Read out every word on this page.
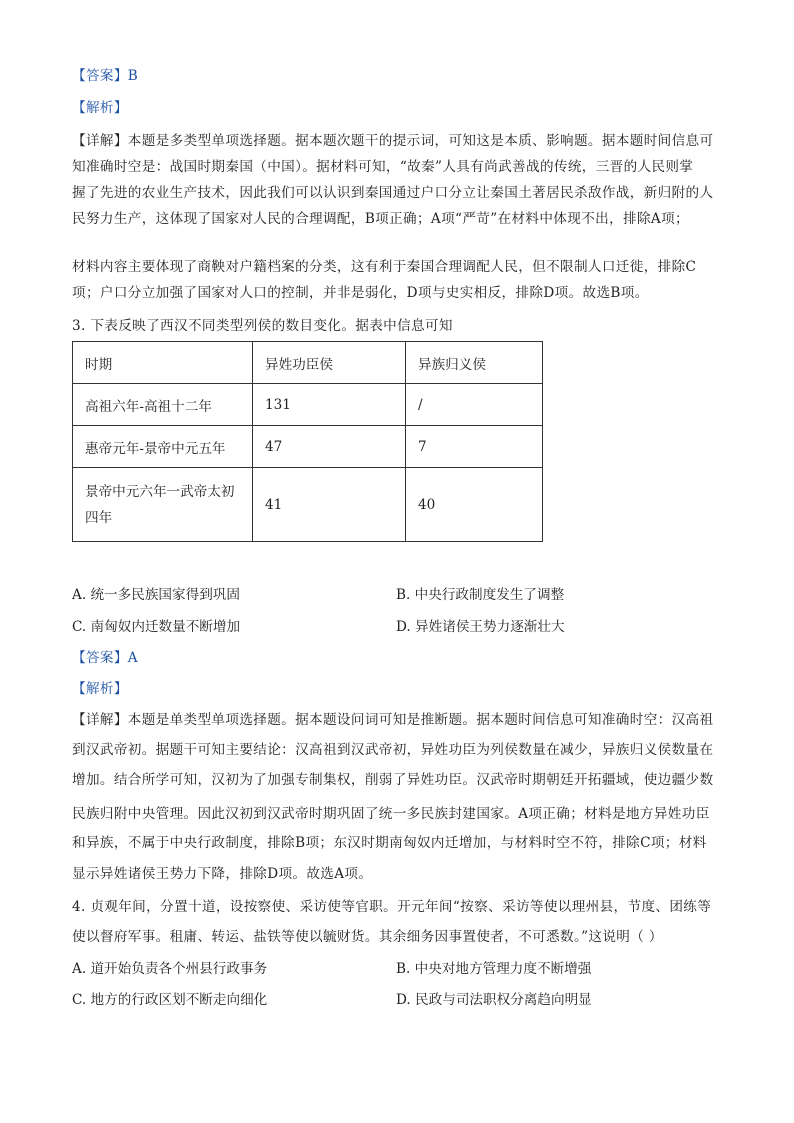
【答案】B
【解析】
【详解】本题是多类型单项选择题。据本题次题干的提示词，可知这是本质、影响题。据本题时间信息可
知准确时空是：战国时期秦国（中国）。据材料可知，“故秦”人具有尚武善战的传统，三晋的人民则掌
握了先进的农业生产技术，因此我们可以认识到秦国通过户口分立让秦国土著居民杀敌作战，新归附的人
民努力生产，这体现了国家对人民的合理调配，B项正确；A项“严苛”在材料中体现不出，排除A项；
材料内容主要体现了商鞅对户籍档案的分类，这有利于秦国合理调配人民，但不限制人口迁徙，排除C
项；户口分立加强了国家对人口的控制，并非是弱化，D项与史实相反，排除D项。故选B项。
3. 下表反映了西汉不同类型列侯的数目变化。据表中信息可知
时期	异姓功臣侯	异族归义侯
高祖六年-高祖十二年	131	/
惠帝元年-景帝中元五年	47	7
景帝中元六年一武帝太初
四年	41	40
A. 统一多民族国家得到巩固	B. 中央行政制度发生了调整
C. 南匈奴内迁数量不断增加	D. 异姓诸侯王势力逐渐壮大
【答案】A
【解析】
【详解】本题是单类型单项选择题。据本题设问词可知是推断题。据本题时间信息可知准确时空：汉高祖
到汉武帝初。据题干可知主要结论：汉高祖到汉武帝初，异姓功臣为列侯数量在减少，异族归义侯数量在
增加。结合所学可知，汉初为了加强专制集权，削弱了异姓功臣。汉武帝时期朝廷开拓疆域，使边疆少数
民族归附中央管理。因此汉初到汉武帝时期巩固了统一多民族封建国家。A项正确；材料是地方异姓功臣
和异族，不属于中央行政制度，排除B项；东汉时期南匈奴内迁增加，与材料时空不符，排除C项；材料
显示异姓诸侯王势力下降，排除D项。故选A项。
4. 贞观年间，分置十道，设按察使、采访使等官职。开元年间“按察、采访等使以理州县，节度、团练等
使以督府军事。租庸、转运、盐铁等使以毓财货。其余细务因事置使者，不可悉数。”这说明（ ）
A. 道开始负责各个州县行政事务	B. 中央对地方管理力度不断增强
C. 地方的行政区划不断走向细化	D. 民政与司法职权分离趋向明显
